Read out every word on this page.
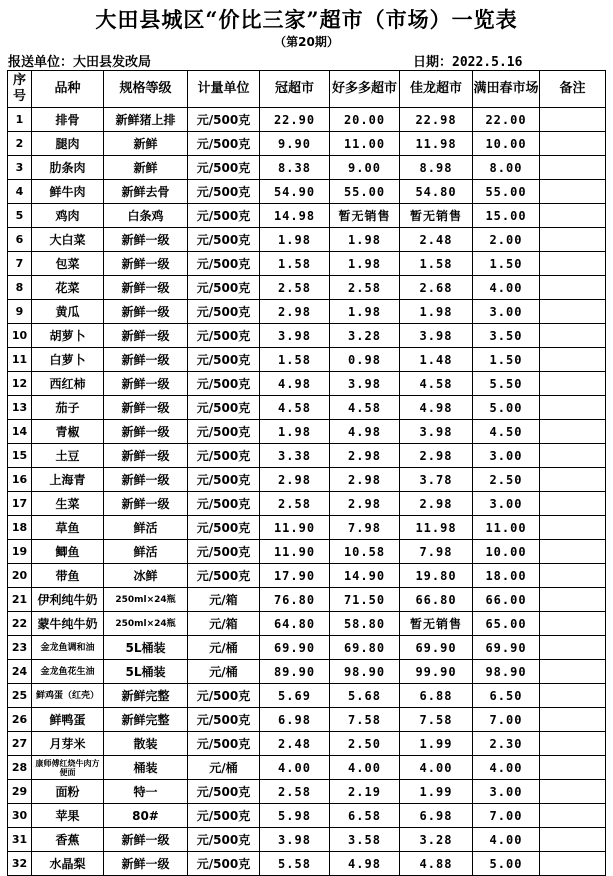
大田县城区“价比三家”超市（市场）一览表
（第20期）
报送单位：大田县发改局	日期：2022.5.16
序号	品种	规格等级	计量单位	冠超市	好多多超市	佳龙超市	满田春市场	备注
1	排骨	新鲜猪上排	元/500克	22.90	20.00	22.98	22.00	
2	腿肉	新鲜	元/500克	9.90	11.00	11.98	10.00	
3	肋条肉	新鲜	元/500克	8.38	9.00	8.98	8.00	
4	鲜牛肉	新鲜去骨	元/500克	54.90	55.00	54.80	55.00	
5	鸡肉	白条鸡	元/500克	14.98	暂无销售	暂无销售	15.00	
6	大白菜	新鲜一级	元/500克	1.98	1.98	2.48	2.00	
7	包菜	新鲜一级	元/500克	1.58	1.98	1.58	1.50	
8	花菜	新鲜一级	元/500克	2.58	2.58	2.68	4.00	
9	黄瓜	新鲜一级	元/500克	2.98	1.98	1.98	3.00	
10	胡萝卜	新鲜一级	元/500克	3.98	3.28	3.98	3.50	
11	白萝卜	新鲜一级	元/500克	1.58	0.98	1.48	1.50	
12	西红柿	新鲜一级	元/500克	4.98	3.98	4.58	5.50	
13	茄子	新鲜一级	元/500克	4.58	4.58	4.98	5.00	
14	青椒	新鲜一级	元/500克	1.98	4.98	3.98	4.50	
15	土豆	新鲜一级	元/500克	3.38	2.98	2.98	3.00	
16	上海青	新鲜一级	元/500克	2.98	2.98	3.78	2.50	
17	生菜	新鲜一级	元/500克	2.58	2.98	2.98	3.00	
18	草鱼	鲜活	元/500克	11.90	7.98	11.98	11.00	
19	鲫鱼	鲜活	元/500克	11.90	10.58	7.98	10.00	
20	带鱼	冰鲜	元/500克	17.90	14.90	19.80	18.00	
21	伊利纯牛奶	250ml×24瓶	元/箱	76.80	71.50	66.80	66.00	
22	蒙牛纯牛奶	250ml×24瓶	元/箱	64.80	58.80	暂无销售	65.00	
23	金龙鱼调和油	5L桶装	元/桶	69.90	69.80	69.90	69.90	
24	金龙鱼花生油	5L桶装	元/桶	89.90	98.90	99.90	98.90	
25	鲜鸡蛋（红壳）	新鲜完整	元/500克	5.69	5.68	6.88	6.50	
26	鲜鸭蛋	新鲜完整	元/500克	6.98	7.58	7.58	7.00	
27	月芽米	散装	元/500克	2.48	2.50	1.99	2.30	
28	康师傅红烧牛肉方便面	桶装	元/桶	4.00	4.00	4.00	4.00	
29	面粉	特一	元/500克	2.58	2.19	1.99	3.00	
30	苹果	80#	元/500克	5.98	6.58	6.98	7.00	
31	香蕉	新鲜一级	元/500克	3.98	3.58	3.28	4.00	
32	水晶梨	新鲜一级	元/500克	5.58	4.98	4.88	5.00	
